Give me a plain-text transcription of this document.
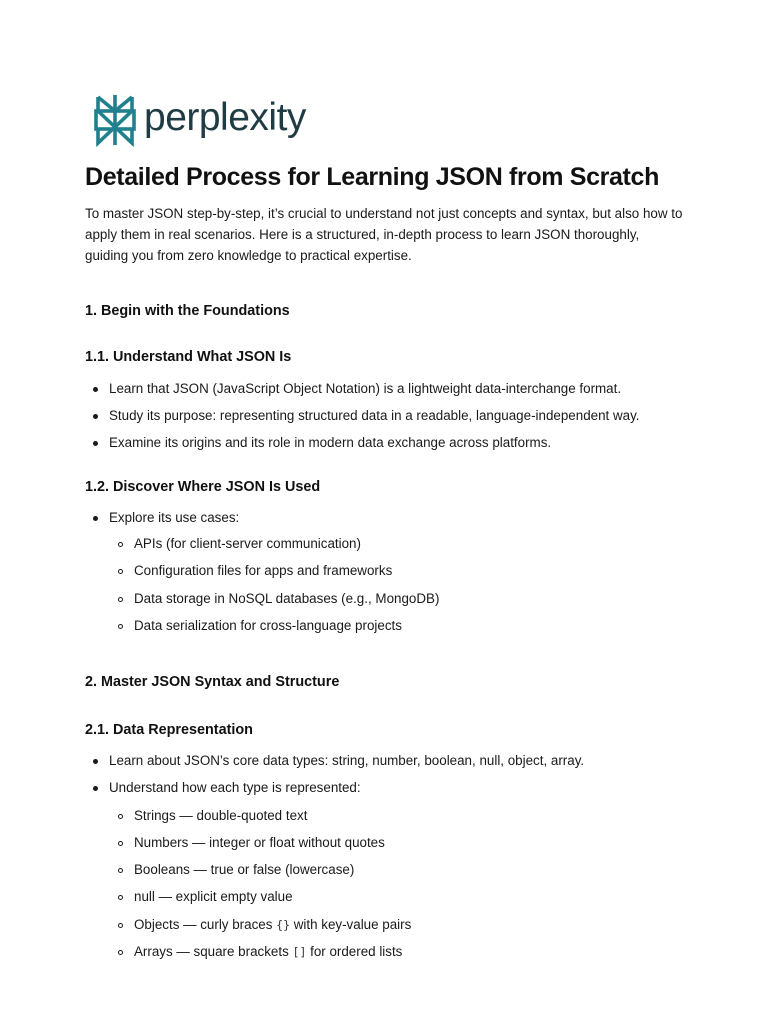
perplexity
Detailed Process for Learning JSON from Scratch

To master JSON step-by-step, it’s crucial to understand not just concepts and syntax, but also how to apply them in real scenarios. Here is a structured, in-depth process to learn JSON thoroughly, guiding you from zero knowledge to practical expertise.

1. Begin with the Foundations
1.1. Understand What JSON Is
Learn that JSON (JavaScript Object Notation) is a lightweight data-interchange format.
Study its purpose: representing structured data in a readable, language-independent way.
Examine its origins and its role in modern data exchange across platforms.
1.2. Discover Where JSON Is Used
Explore its use cases:
APIs (for client-server communication)
Configuration files for apps and frameworks
Data storage in NoSQL databases (e.g., MongoDB)
Data serialization for cross-language projects
2. Master JSON Syntax and Structure
2.1. Data Representation
Learn about JSON’s core data types: string, number, boolean, null, object, array.
Understand how each type is represented:
Strings — double-quoted text
Numbers — integer or float without quotes
Booleans — true or false (lowercase)
null — explicit empty value
Objects — curly braces {} with key-value pairs
Arrays — square brackets [] for ordered lists
